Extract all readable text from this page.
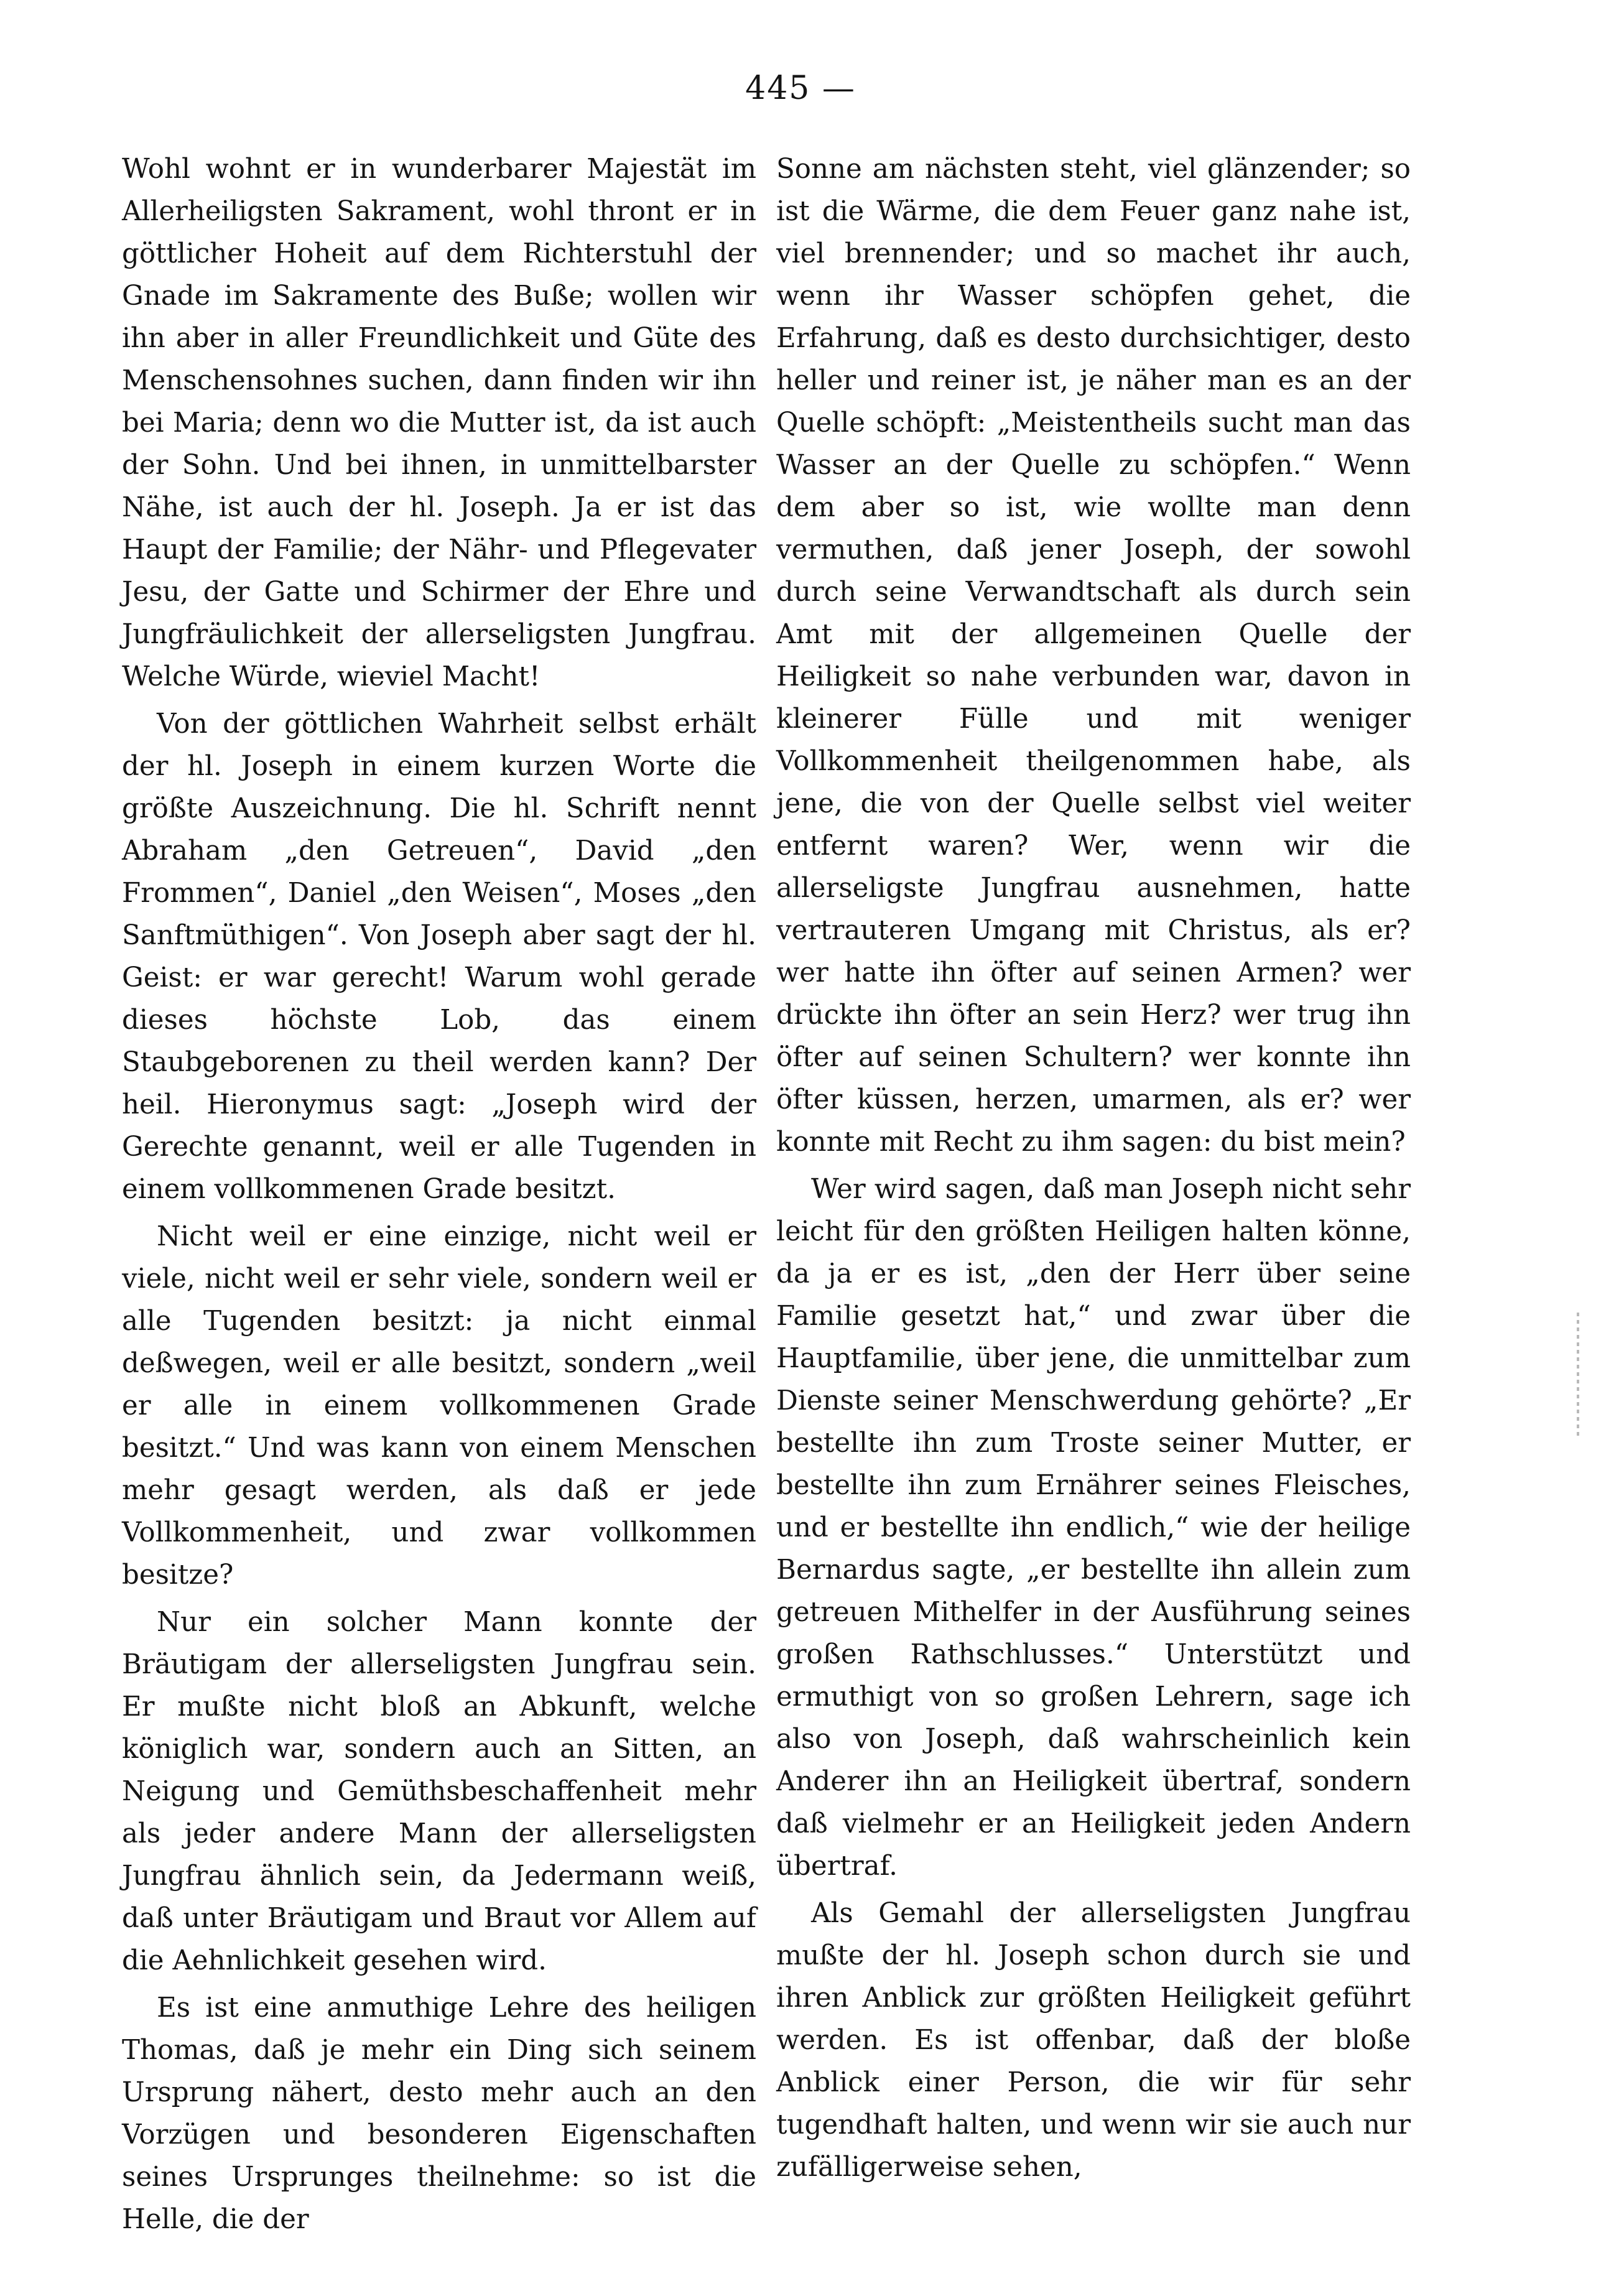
445 —

Wohl wohnt er in wunderbarer Majestät im Allerheiligsten Sakrament, wohl thront er in göttlicher Hoheit auf dem Richterstuhl der Gnade im Sakramente des Buße; wollen wir ihn aber in aller Freundlichkeit und Güte des Menschensohnes suchen, dann finden wir ihn bei Maria; denn wo die Mutter ist, da ist auch der Sohn. Und bei ihnen, in unmittelbarster Nähe, ist auch der hl. Joseph. Ja er ist das Haupt der Familie; der Nähr- und Pflegevater Jesu, der Gatte und Schirmer der Ehre und Jungfräulichkeit der allerseligsten Jungfrau. Welche Würde, wieviel Macht!

Von der göttlichen Wahrheit selbst erhält der hl. Joseph in einem kurzen Worte die größte Auszeichnung. Die hl. Schrift nennt Abraham „den Getreuen“, David „den Frommen“, Daniel „den Weisen“, Moses „den Sanftmüthigen“. Von Joseph aber sagt der hl. Geist: er war gerecht! Warum wohl gerade dieses höchste Lob, das einem Staubgeborenen zu theil werden kann? Der heil. Hieronymus sagt: „Joseph wird der Gerechte genannt, weil er alle Tugenden in einem vollkommenen Grade besitzt.

Nicht weil er eine einzige, nicht weil er viele, nicht weil er sehr viele, sondern weil er alle Tugenden besitzt: ja nicht einmal deßwegen, weil er alle besitzt, sondern „weil er alle in einem vollkommenen Grade besitzt.“ Und was kann von einem Menschen mehr gesagt werden, als daß er jede Vollkommenheit, und zwar vollkommen besitze?

Nur ein solcher Mann konnte der Bräutigam der allerseligsten Jungfrau sein. Er mußte nicht bloß an Abkunft, welche königlich war, sondern auch an Sitten, an Neigung und Gemüthsbeschaffenheit mehr als jeder andere Mann der allerseligsten Jungfrau ähnlich sein, da Jedermann weiß, daß unter Bräutigam und Braut vor Allem auf die Aehnlichkeit gesehen wird.

Es ist eine anmuthige Lehre des heiligen Thomas, daß je mehr ein Ding sich seinem Ursprung nähert, desto mehr auch an den Vorzügen und besonderen Eigenschaften seines Ursprunges theilnehme: so ist die Helle, die der

Sonne am nächsten steht, viel glänzender; so ist die Wärme, die dem Feuer ganz nahe ist, viel brennender; und so machet ihr auch, wenn ihr Wasser schöpfen gehet, die Erfahrung, daß es desto durchsichtiger, desto heller und reiner ist, je näher man es an der Quelle schöpft: „Meistentheils sucht man das Wasser an der Quelle zu schöpfen.“ Wenn dem aber so ist, wie wollte man denn vermuthen, daß jener Joseph, der sowohl durch seine Verwandtschaft als durch sein Amt mit der allgemeinen Quelle der Heiligkeit so nahe verbunden war, davon in kleinerer Fülle und mit weniger Vollkommenheit theilgenommen habe, als jene, die von der Quelle selbst viel weiter entfernt waren? Wer, wenn wir die allerseligste Jungfrau ausnehmen, hatte vertrauteren Umgang mit Christus, als er? wer hatte ihn öfter auf seinen Armen? wer drückte ihn öfter an sein Herz? wer trug ihn öfter auf seinen Schultern? wer konnte ihn öfter küssen, herzen, umarmen, als er? wer konnte mit Recht zu ihm sagen: du bist mein?

Wer wird sagen, daß man Joseph nicht sehr leicht für den größten Heiligen halten könne, da ja er es ist, „den der Herr über seine Familie gesetzt hat,“ und zwar über die Hauptfamilie, über jene, die unmittelbar zum Dienste seiner Menschwerdung gehörte? „Er bestellte ihn zum Troste seiner Mutter, er bestellte ihn zum Ernährer seines Fleisches, und er bestellte ihn endlich,“ wie der heilige Bernardus sagte, „er bestellte ihn allein zum getreuen Mithelfer in der Ausführung seines großen Rathschlusses.“ Unterstützt und ermuthigt von so großen Lehrern, sage ich also von Joseph, daß wahrscheinlich kein Anderer ihn an Heiligkeit übertraf, sondern daß vielmehr er an Heiligkeit jeden Andern übertraf.

Als Gemahl der allerseligsten Jungfrau mußte der hl. Joseph schon durch sie und ihren Anblick zur größten Heiligkeit geführt werden. Es ist offenbar, daß der bloße Anblick einer Person, die wir für sehr tugendhaft halten, und wenn wir sie auch nur zufälligerweise sehen,
